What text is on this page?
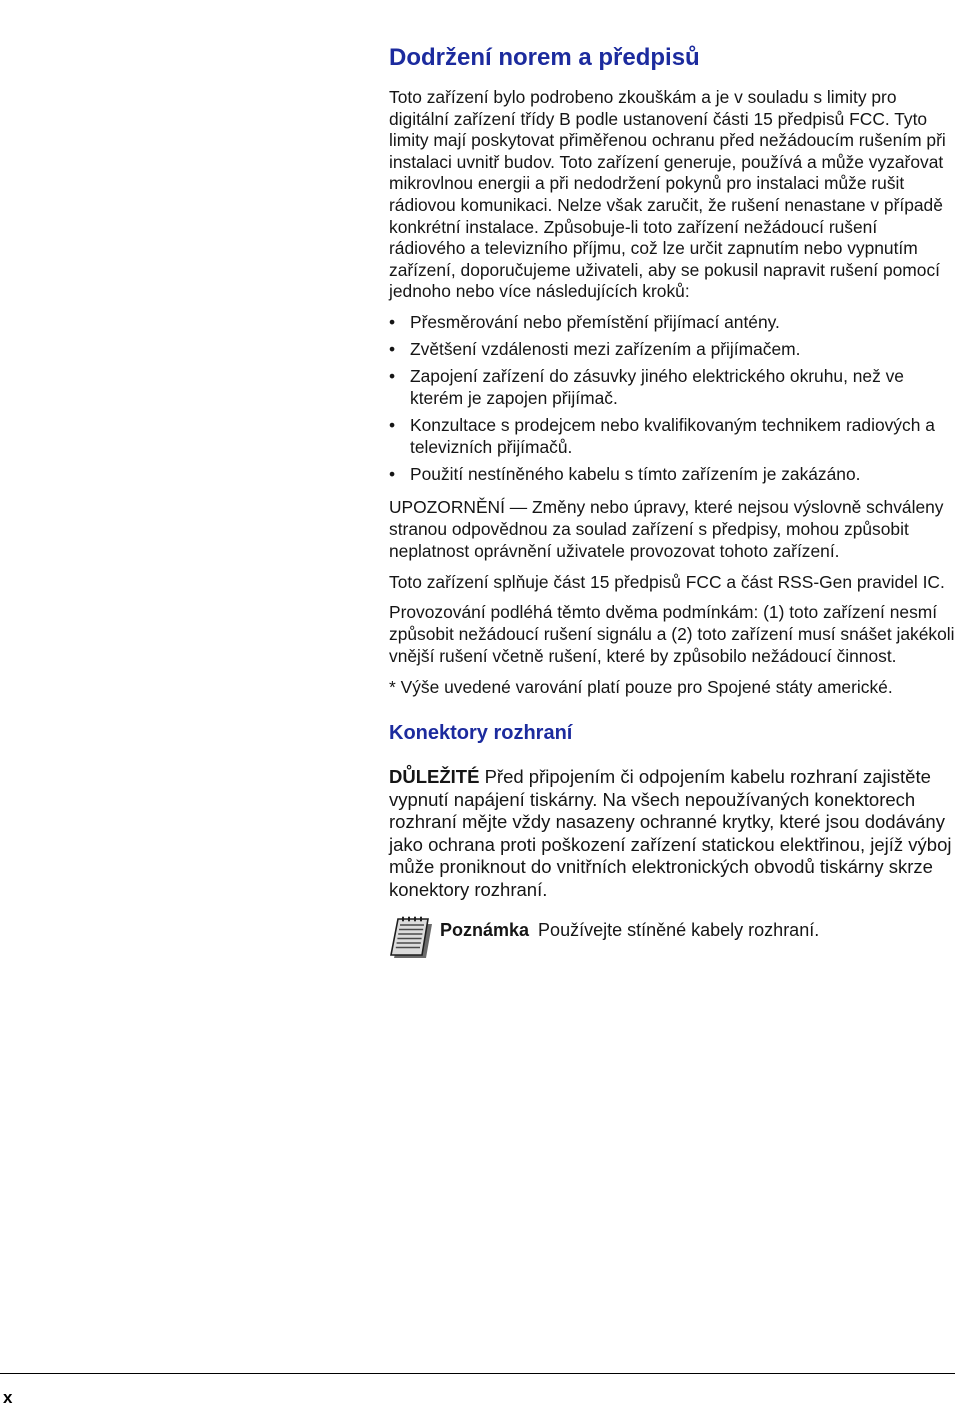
Dodržení norem a předpisů
Toto zařízení bylo podrobeno zkouškám a je v souladu s limity pro
digitální zařízení třídy B podle ustanovení části 15 předpisů FCC. Tyto
limity mají poskytovat přiměřenou ochranu před nežádoucím rušením při
instalaci uvnitř budov. Toto zařízení generuje, používá a může vyzařovat
mikrovlnou energii a při nedodržení pokynů pro instalaci může rušit
rádiovou komunikaci. Nelze však zaručit, že rušení nenastane v případě
konkrétní instalace. Způsobuje-li toto zařízení nežádoucí rušení
rádiového a televizního příjmu, což lze určit zapnutím nebo vypnutím
zařízení, doporučujeme uživateli, aby se pokusil napravit rušení pomocí
jednoho nebo více následujících kroků:
• Přesměrování nebo přemístění přijímací antény.
• Zvětšení vzdálenosti mezi zařízením a přijímačem.
• Zapojení zařízení do zásuvky jiného elektrického okruhu, než ve
kterém je zapojen přijímač.
• Konzultace s prodejcem nebo kvalifikovaným technikem radiových a
televizních přijímačů.
• Použití nestíněného kabelu s tímto zařízením je zakázáno.
UPOZORNĚNÍ — Změny nebo úpravy, které nejsou výslovně schváleny
stranou odpovědnou za soulad zařízení s předpisy, mohou způsobit
neplatnost oprávnění uživatele provozovat tohoto zařízení.
Toto zařízení splňuje část 15 předpisů FCC a část RSS-Gen pravidel IC.
Provozování podléhá těmto dvěma podmínkám: (1) toto zařízení nesmí
způsobit nežádoucí rušení signálu a (2) toto zařízení musí snášet jakékoli
vnější rušení včetně rušení, které by způsobilo nežádoucí činnost.
* Výše uvedené varování platí pouze pro Spojené státy americké.
Konektory rozhraní
DŮLEŽITÉ Před připojením či odpojením kabelu rozhraní zajistěte
vypnutí napájení tiskárny. Na všech nepoužívaných konektorech
rozhraní mějte vždy nasazeny ochranné krytky, které jsou dodávány
jako ochrana proti poškození zařízení statickou elektřinou, jejíž výboj
může proniknout do vnitřních elektronických obvodů tiskárny skrze
konektory rozhraní.
Poznámka Používejte stíněné kabely rozhraní.
x
